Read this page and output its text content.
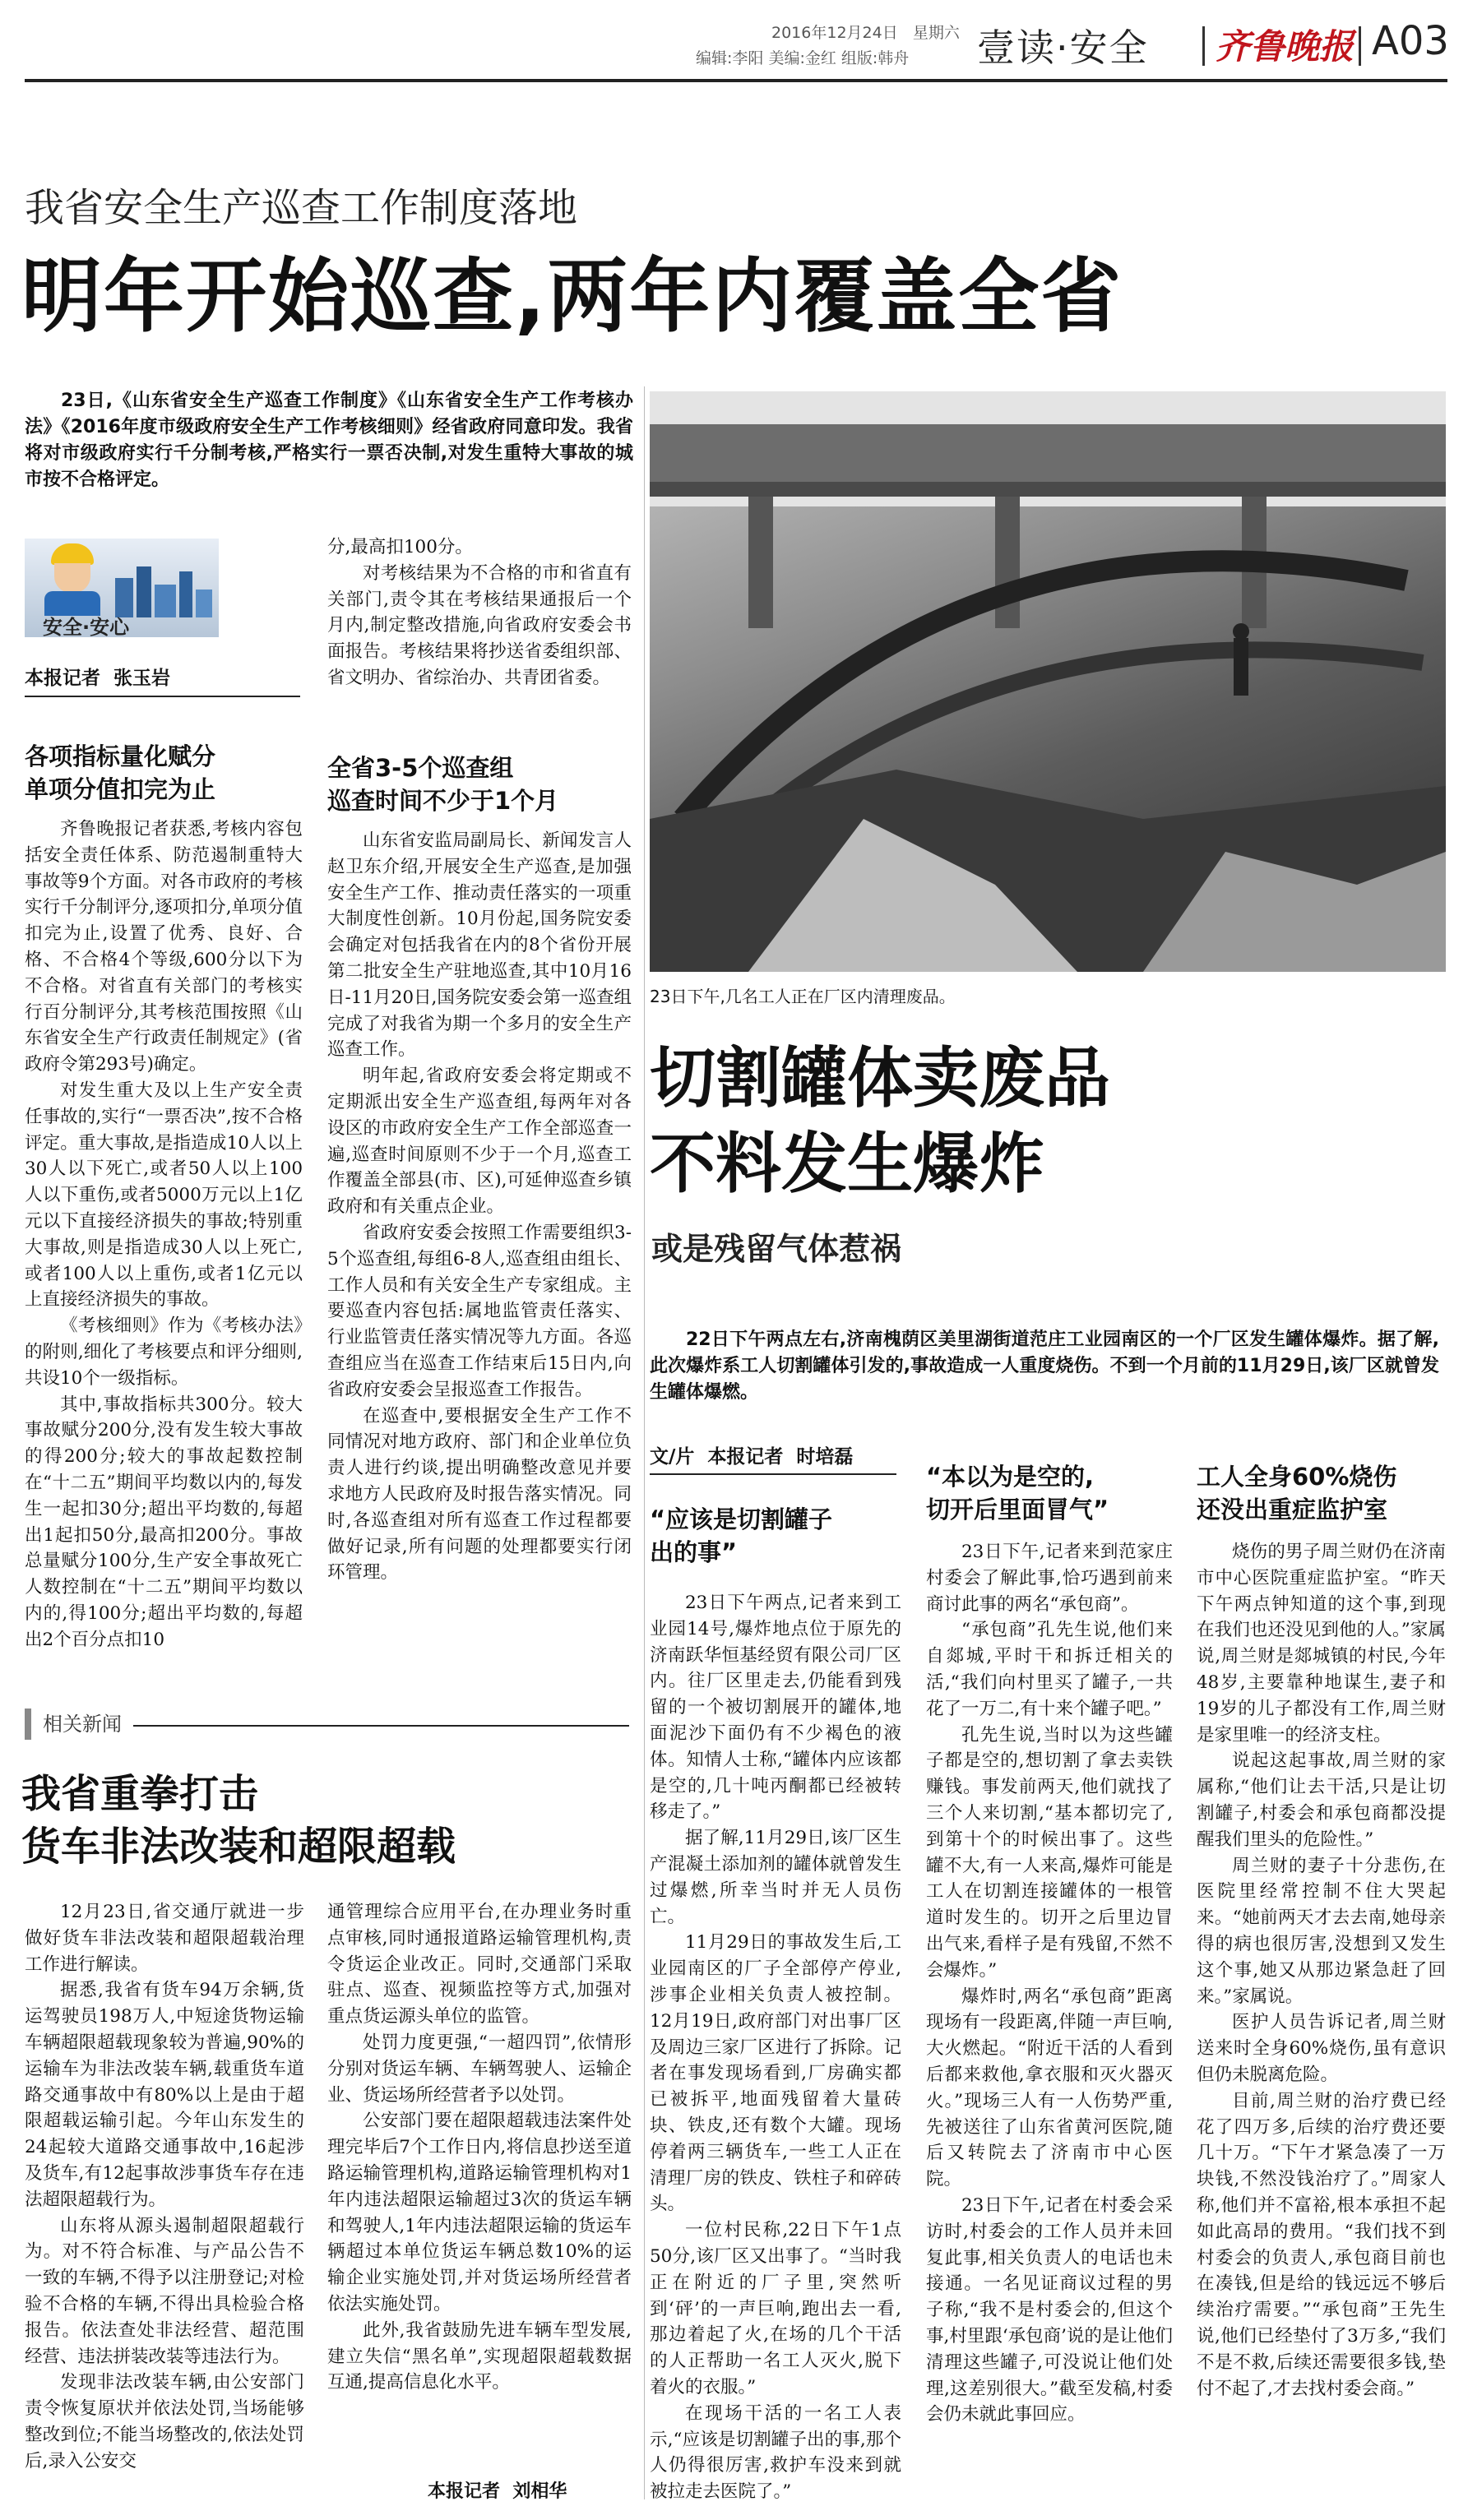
2016年12月24日 星期六
编辑:李阳 美编:金红 组版:韩舟 壹读·安全 齐鲁晚报 A03
我省安全生产巡查工作制度落地
明年开始巡查,两年内覆盖全省
23日,《山东省安全生产巡查工作制度》《山东省安全生产工作考核办法》《2016年度市级政府安全生产工作考核细则》经省政府同意印发。我省将对市级政府实行千分制考核,严格实行一票否决制,对发生重特大事故的城市按不合格评定。
安全·安心
本报记者  张玉岩
各项指标量化赋分
单项分值扣完为止

齐鲁晚报记者获悉,考核内容包括安全责任体系、防范遏制重特大事故等9个方面。对各市政府的考核实行千分制评分,逐项扣分,单项分值扣完为止,设置了优秀、良好、合格、不合格4个等级,600分以下为不合格。对省直有关部门的考核实行百分制评分,其考核范围按照《山东省安全生产行政责任制规定》(省政府令第293号)确定。

对发生重大及以上生产安全责任事故的,实行“一票否决”,按不合格评定。重大事故,是指造成10人以上30人以下死亡,或者50人以上100人以下重伤,或者5000万元以上1亿元以下直接经济损失的事故;特别重大事故,则是指造成30人以上死亡,或者100人以上重伤,或者1亿元以上直接经济损失的事故。

《考核细则》作为《考核办法》的附则,细化了考核要点和评分细则,共设10个一级指标。

其中,事故指标共300分。较大事故赋分200分,没有发生较大事故的得200分;较大的事故起数控制在“十二五”期间平均数以内的,每发生一起扣30分;超出平均数的,每超出1起扣50分,最高扣200分。事故总量赋分100分,生产安全事故死亡人数控制在“十二五”期间平均数以内的,得100分;超出平均数的,每超出2个百分点扣10

分,最高扣100分。

对考核结果为不合格的市和省直有关部门,责令其在考核结果通报后一个月内,制定整改措施,向省政府安委会书面报告。考核结果将抄送省委组织部、省文明办、省综治办、共青团省委。

全省3-5个巡查组
巡查时间不少于1个月

山东省安监局副局长、新闻发言人赵卫东介绍,开展安全生产巡查,是加强安全生产工作、推动责任落实的一项重大制度性创新。10月份起,国务院安委会确定对包括我省在内的8个省份开展第二批安全生产驻地巡查,其中10月16日-11月20日,国务院安委会第一巡查组完成了对我省为期一个多月的安全生产巡查工作。

明年起,省政府安委会将定期或不定期派出安全生产巡查组,每两年对各设区的市政府安全生产工作全部巡查一遍,巡查时间原则不少于一个月,巡查工作覆盖全部县(市、区),可延伸巡查乡镇政府和有关重点企业。

省政府安委会按照工作需要组织3-5个巡查组,每组6-8人,巡查组由组长、工作人员和有关安全生产专家组成。主要巡查内容包括:属地监管责任落实、行业监管责任落实情况等九方面。各巡查组应当在巡查工作结束后15日内,向省政府安委会呈报巡查工作报告。

在巡查中,要根据安全生产工作不同情况对地方政府、部门和企业单位负责人进行约谈,提出明确整改意见并要求地方人民政府及时报告落实情况。同时,各巡查组对所有巡查工作过程都要做好记录,所有问题的处理都要实行闭环管理。

相关新闻
我省重拳打击
货车非法改装和超限超载

12月23日,省交通厅就进一步做好货车非法改装和超限超载治理工作进行解读。

据悉,我省有货车94万余辆,货运驾驶员198万人,中短途货物运输车辆超限超载现象较为普遍,90%的运输车为非法改装车辆,载重货车道路交通事故中有80%以上是由于超限超载运输引起。今年山东发生的24起较大道路交通事故中,16起涉及货车,有12起事故涉事货车存在违法超限超载行为。

山东将从源头遏制超限超载行为。对不符合标准、与产品公告不一致的车辆,不得予以注册登记;对检验不合格的车辆,不得出具检验合格报告。依法查处非法经营、超范围经营、违法拼装改装等违法行为。

发现非法改装车辆,由公安部门责令恢复原状并依法处罚,当场能够整改到位;不能当场整改的,依法处罚后,录入公安交

通管理综合应用平台,在办理业务时重点审核,同时通报道路运输管理机构,责令货运企业改正。同时,交通部门采取驻点、巡查、视频监控等方式,加强对重点货运源头单位的监管。

处罚力度更强,“一超四罚”,依情形分别对货运车辆、车辆驾驶人、运输企业、货运场所经营者予以处罚。

公安部门要在超限超载违法案件处理完毕后7个工作日内,将信息抄送至道路运输管理机构,道路运输管理机构对1年内违法超限运输超过3次的货运车辆和驾驶人,1年内违法超限运输的货运车辆超过本单位货运车辆总数10%的运输企业实施处罚,并对货运场所经营者依法实施处罚。

此外,我省鼓励先进车辆车型发展,建立失信“黑名单”,实现超限超载数据互通,提高信息化水平。

本报记者  刘相华
23日下午,几名工人正在厂区内清理废品。
切割罐体卖废品
不料发生爆炸
或是残留气体惹祸
22日下午两点左右,济南槐荫区美里湖街道范庄工业园南区的一个厂区发生罐体爆炸。据了解,此次爆炸系工人切割罐体引发的,事故造成一人重度烧伤。不到一个月前的11月29日,该厂区就曾发生罐体爆燃。
文/片  本报记者  时培磊
“应该是切割罐子
出的事”

23日下午两点,记者来到工业园14号,爆炸地点位于原先的济南跃华恒基经贸有限公司厂区内。往厂区里走去,仍能看到残留的一个被切割展开的罐体,地面泥沙下面仍有不少褐色的液体。知情人士称,“罐体内应该都是空的,几十吨丙酮都已经被转移走了。”

据了解,11月29日,该厂区生产混凝土添加剂的罐体就曾发生过爆燃,所幸当时并无人员伤亡。

11月29日的事故发生后,工业园南区的厂子全部停产停业,涉事企业相关负责人被控制。12月19日,政府部门对出事厂区及周边三家厂区进行了拆除。记者在事发现场看到,厂房确实都已被拆平,地面残留着大量砖块、铁皮,还有数个大罐。现场停着两三辆货车,一些工人正在清理厂房的铁皮、铁柱子和碎砖头。

一位村民称,22日下午1点50分,该厂区又出事了。“当时我正在附近的厂子里,突然听到‘砰’的一声巨响,跑出去一看,那边着起了火,在场的几个干活的人正帮助一名工人灭火,脱下着火的衣服。”

在现场干活的一名工人表示,“应该是切割罐子出的事,那个人仍得很厉害,救护车没来到就被拉走去医院了。”

“本以为是空的,
切开后里面冒气”

23日下午,记者来到范家庄村委会了解此事,恰巧遇到前来商讨此事的两名“承包商”。

“承包商”孔先生说,他们来自郯城,平时干和拆迁相关的活,“我们向村里买了罐子,一共花了一万二,有十来个罐子吧。”

孔先生说,当时以为这些罐子都是空的,想切割了拿去卖铁赚钱。事发前两天,他们就找了三个人来切割,“基本都切完了,到第十个的时候出事了。这些罐不大,有一人来高,爆炸可能是工人在切割连接罐体的一根管道时发生的。切开之后里边冒出气来,看样子是有残留,不然不会爆炸。”

爆炸时,两名“承包商”距离现场有一段距离,伴随一声巨响,大火燃起。“附近干活的人看到后都来救他,拿衣服和灭火器灭火。”现场三人有一人伤势严重,先被送往了山东省黄河医院,随后又转院去了济南市中心医院。

23日下午,记者在村委会采访时,村委会的工作人员并未回复此事,相关负责人的电话也未接通。一名见证商议过程的男子称,“我不是村委会的,但这个事,村里跟‘承包商’说的是让他们清理这些罐子,可没说让他们处理,这差别很大。”截至发稿,村委会仍未就此事回应。

工人全身60%烧伤
还没出重症监护室

烧伤的男子周兰财仍在济南市中心医院重症监护室。“昨天下午两点钟知道的这个事,到现在我们也还没见到他的人。”家属说,周兰财是郯城镇的村民,今年48岁,主要靠种地谋生,妻子和19岁的儿子都没有工作,周兰财是家里唯一的经济支柱。

说起这起事故,周兰财的家属称,“他们让去干活,只是让切割罐子,村委会和承包商都没提醒我们里头的危险性。”

周兰财的妻子十分悲伤,在医院里经常控制不住大哭起来。“她前两天才去去南,她母亲得的病也很厉害,没想到又发生这个事,她又从那边紧急赶了回来。”家属说。

医护人员告诉记者,周兰财送来时全身60%烧伤,虽有意识但仍未脱离危险。

目前,周兰财的治疗费已经花了四万多,后续的治疗费还要几十万。“下午才紧急凑了一万块钱,不然没钱治疗了。”周家人称,他们并不富裕,根本承担不起如此高昂的费用。“我们找不到村委会的负责人,承包商目前也在凑钱,但是给的钱远远不够后续治疗需要。”“承包商”王先生说,他们已经垫付了3万多,“我们不是不救,后续还需要很多钱,垫付不起了,才去找村委会商。”
